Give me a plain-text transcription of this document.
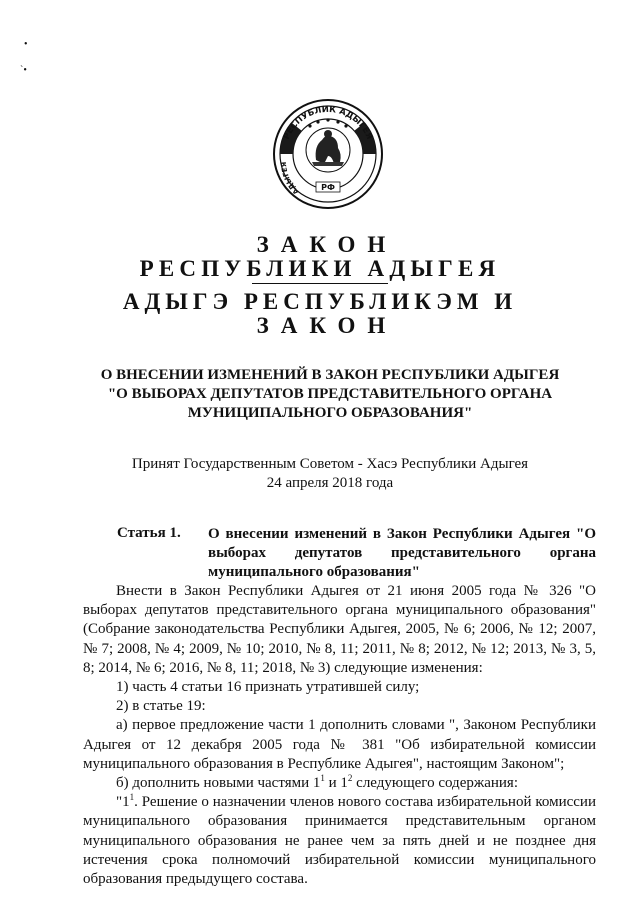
•
`•
РЕСПУБЛИК АДЫГЕЯ
АДЫГЕЯ
РФ
ЗАКОН
РЕСПУБЛИКИ АДЫГЕЯ
АДЫГЭ РЕСПУБЛИКЭМ И
ЗАКОН
О ВНЕСЕНИИ ИЗМЕНЕНИЙ В ЗАКОН РЕСПУБЛИКИ АДЫГЕЯ
"О ВЫБОРАХ ДЕПУТАТОВ ПРЕДСТАВИТЕЛЬНОГО ОРГАНА
МУНИЦИПАЛЬНОГО ОБРАЗОВАНИЯ"
Принят Государственным Советом - Хасэ Республики Адыгея
24 апреля 2018 года
Статья 1. О внесении изменений в Закон Республики Адыгея "О выборах депутатов представительного органа муниципального образования"

Внести в Закон Республики Адыгея от 21 июня 2005 года № 326 "О выборах депутатов представительного органа муниципального образования" (Собрание законодательства Республики Адыгея, 2005, № 6; 2006, № 12; 2007, № 7; 2008, № 4; 2009, № 10; 2010, № 8, 11; 2011, № 8; 2012, № 12; 2013, № 3, 5, 8; 2014, № 6; 2016, № 8, 11; 2018, № 3) следующие изменения:

1) часть 4 статьи 16 признать утратившей силу;

2) в статье 19:

а) первое предложение части 1 дополнить словами ", Законом Республики Адыгея от 12 декабря 2005 года № 381 "Об избирательной комиссии муниципального образования в Республике Адыгея", настоящим Законом";

б) дополнить новыми частями $1^1$ и $1^2$ следующего содержания:

"$1^1$. Решение о назначении членов нового состава избирательной комиссии муниципального образования принимается представительным органом муниципального образования не ранее чем за пять дней и не позднее дня истечения срока полномочий избирательной комиссии муниципального образования предыдущего состава.
